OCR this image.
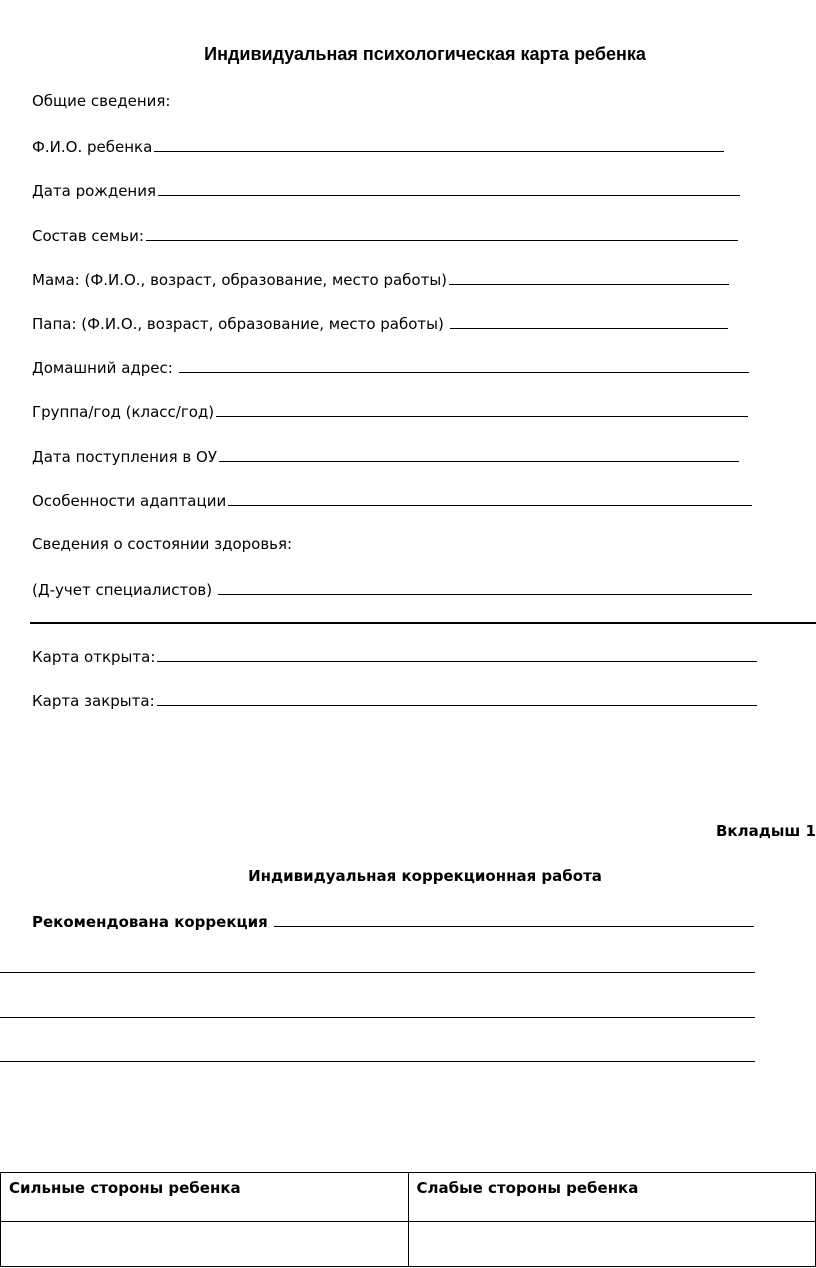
Индивидуальная психологическая карта ребенка
Общие сведения:
Ф.И.О. ребенка
Дата рождения
Состав семьи:
Мама: (Ф.И.О., возраст, образование, место работы)
Папа: (Ф.И.О., возраст, образование, место работы)
Домашний адрес:
Группа/год (класс/год)
Дата поступления в ОУ
Особенности адаптации
Сведения о состоянии здоровья:
(Д-учет специалистов)
Карта открыта:
Карта закрыта:
Вкладыш 1
Индивидуальная коррекционная работа
Рекомендована коррекция
Сильные стороны ребенка	Слабые стороны ребенка
